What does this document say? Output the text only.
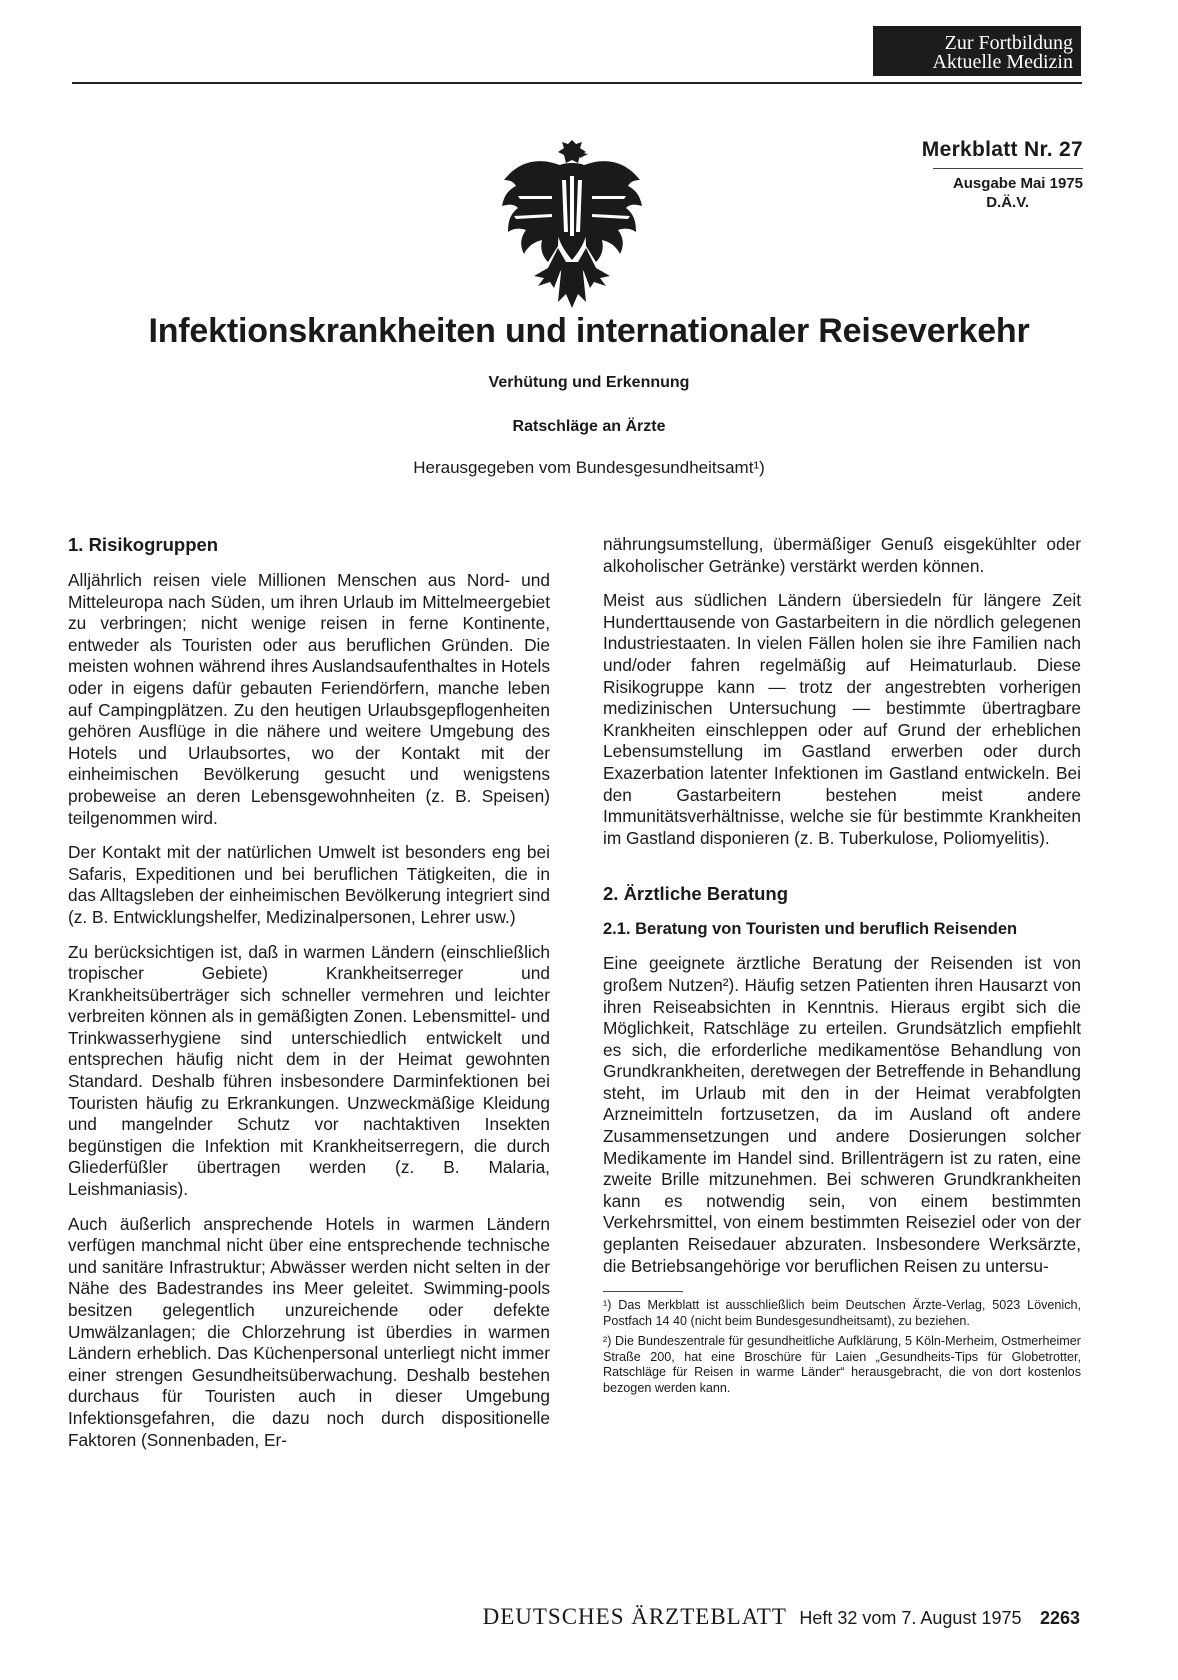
Zur Fortbildung
Aktuelle Medizin
Merkblatt Nr. 27
Ausgabe Mai 1975
D.Ä.V.
Infektionskrankheiten und internationaler Reiseverkehr
Verhütung und Erkennung
Ratschläge an Ärzte
Herausgegeben vom Bundesgesundheitsamt¹)
1. Risikogruppen

Alljährlich reisen viele Millionen Menschen aus Nord- und Mitteleuropa nach Süden, um ihren Urlaub im Mittelmeergebiet zu verbringen; nicht wenige reisen in ferne Kontinente, entweder als Touristen oder aus beruflichen Gründen. Die meisten wohnen während ihres Auslandsaufenthaltes in Hotels oder in eigens dafür gebauten Feriendörfern, manche leben auf Campingplätzen. Zu den heutigen Urlaubsgepflogenheiten gehören Ausflüge in die nähere und weitere Umgebung des Hotels und Urlaubsortes, wo der Kontakt mit der einheimischen Bevölkerung gesucht und wenigstens probeweise an deren Lebensgewohnheiten (z. B. Speisen) teilgenommen wird.

Der Kontakt mit der natürlichen Umwelt ist besonders eng bei Safaris, Expeditionen und bei beruflichen Tätigkeiten, die in das Alltagsleben der einheimischen Bevölkerung integriert sind (z. B. Entwicklungshelfer, Medizinalpersonen, Lehrer usw.)

Zu berücksichtigen ist, daß in warmen Ländern (einschließlich tropischer Gebiete) Krankheitserreger und Krankheitsüberträger sich schneller vermehren und leichter verbreiten können als in gemäßigten Zonen. Lebensmittel- und Trinkwasserhygiene sind unterschiedlich entwickelt und entsprechen häufig nicht dem in der Heimat gewohnten Standard. Deshalb führen insbesondere Darminfektionen bei Touristen häufig zu Erkrankungen. Unzweckmäßige Kleidung und mangelnder Schutz vor nachtaktiven Insekten begünstigen die Infektion mit Krankheitserregern, die durch Gliederfüßler übertragen werden (z. B. Malaria, Leishmaniasis).

Auch äußerlich ansprechende Hotels in warmen Ländern verfügen manchmal nicht über eine entsprechende technische und sanitäre Infrastruktur; Abwässer werden nicht selten in der Nähe des Badestrandes ins Meer geleitet. Swimming-pools besitzen gelegentlich unzureichende oder defekte Umwälzanlagen; die Chlorzehrung ist überdies in warmen Ländern erheblich. Das Küchenpersonal unterliegt nicht immer einer strengen Gesundheitsüberwachung. Deshalb bestehen durchaus für Touristen auch in dieser Umgebung Infektionsgefahren, die dazu noch durch dispositionelle Faktoren (Sonnenbaden, Er-

nährungsumstellung, übermäßiger Genuß eisgekühlter oder alkoholischer Getränke) verstärkt werden können.

Meist aus südlichen Ländern übersiedeln für längere Zeit Hunderttausende von Gastarbeitern in die nördlich gelegenen Industriestaaten. In vielen Fällen holen sie ihre Familien nach und/oder fahren regelmäßig auf Heimaturlaub. Diese Risikogruppe kann — trotz der angestrebten vorherigen medizinischen Untersuchung — bestimmte übertragbare Krankheiten einschleppen oder auf Grund der erheblichen Lebensumstellung im Gastland erwerben oder durch Exazerbation latenter Infektionen im Gastland entwickeln. Bei den Gastarbeitern bestehen meist andere Immunitätsverhältnisse, welche sie für bestimmte Krankheiten im Gastland disponieren (z. B. Tuberkulose, Poliomyelitis).

2. Ärztliche Beratung
2.1. Beratung von Touristen und beruflich Reisenden

Eine geeignete ärztliche Beratung der Reisenden ist von großem Nutzen²). Häufig setzen Patienten ihren Hausarzt von ihren Reiseabsichten in Kenntnis. Hieraus ergibt sich die Möglichkeit, Ratschläge zu erteilen. Grundsätzlich empfiehlt es sich, die erforderliche medikamentöse Behandlung von Grundkrankheiten, deretwegen der Betreffende in Behandlung steht, im Urlaub mit den in der Heimat verabfolgten Arzneimitteln fortzusetzen, da im Ausland oft andere Zusammensetzungen und andere Dosierungen solcher Medikamente im Handel sind. Brillenträgern ist zu raten, eine zweite Brille mitzunehmen. Bei schweren Grundkrankheiten kann es notwendig sein, von einem bestimmten Verkehrsmittel, von einem bestimmten Reiseziel oder von der geplanten Reisedauer abzuraten. Insbesondere Werksärzte, die Betriebsangehörige vor beruflichen Reisen zu untersu-

¹) Das Merkblatt ist ausschließlich beim Deutschen Ärzte-Verlag, 5023 Lövenich, Postfach 14 40 (nicht beim Bundesgesundheitsamt), zu beziehen.
²) Die Bundeszentrale für gesundheitliche Aufklärung, 5 Köln-Merheim, Ostmerheimer Straße 200, hat eine Broschüre für Laien „Gesundheits-Tips für Globetrotter, Ratschläge für Reisen in warme Länder“ herausgebracht, die von dort kostenlos bezogen werden kann.
DEUTSCHES ÄRZTEBLATT Heft 32 vom 7. August 1975 2263
